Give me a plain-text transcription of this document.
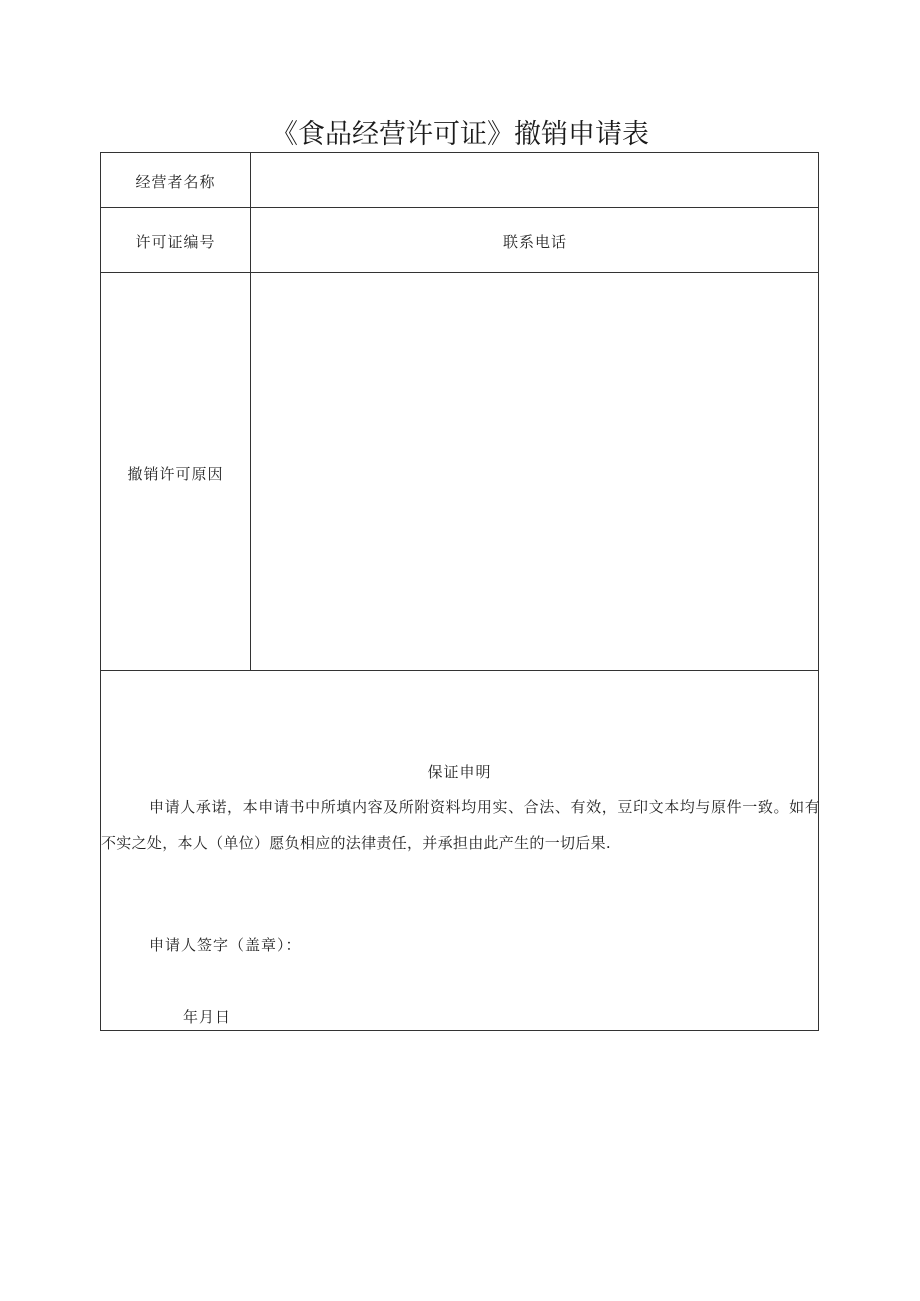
《食品经营许可证》撤销申请表
经营者名称
许可证编号	联系电话
撤销许可原因
保证申明
申请人承诺，本申请书中所填内容及所附资料均用实、合法、有效，豆印文本均与原件一致。如有不实之处，本人（单位）愿负相应的法律责任，并承担由此产生的一切后果.
申请人签字（盖章）：
年月日
